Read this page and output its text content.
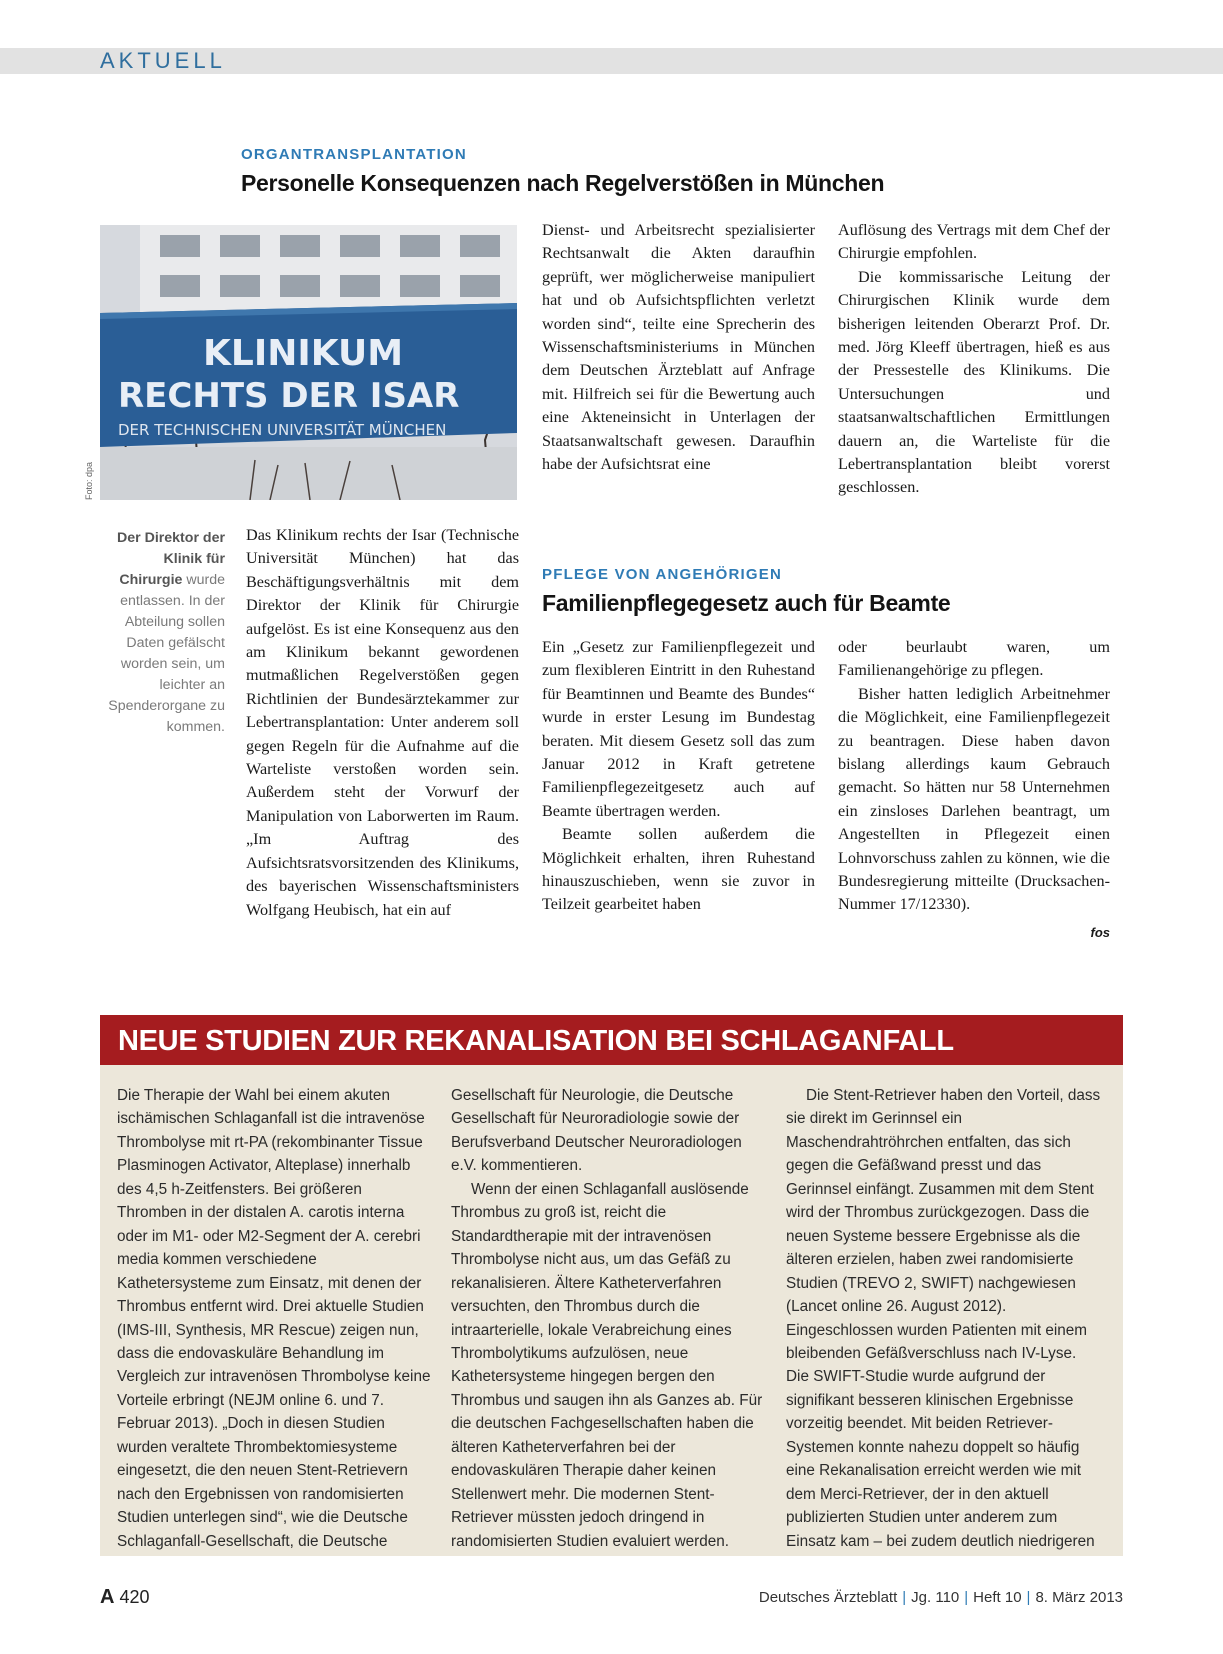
AKTUELL
ORGANTRANSPLANTATION
Personelle Konsequenzen nach Regelverstößen in München
KLINIKUM
RECHTS DER ISAR
DER TECHNISCHEN UNIVERSITÄT MÜNCHEN
Foto: dpa
Der Direktor der Klinik für Chirurgie wurde entlassen. In der Abteilung sollen Daten gefälscht worden sein, um leichter an Spenderorgane zu kommen.

Das Klinikum rechts der Isar (Technische Universität München) hat das Beschäftigungsverhältnis mit dem Direktor der Klinik für Chirurgie aufgelöst. Es ist eine Konsequenz aus den am Klinikum bekannt gewordenen mutmaßlichen Regelverstößen gegen Richtlinien der Bundesärztekammer zur Lebertransplantation: Unter anderem soll gegen Regeln für die Aufnahme auf die Warteliste verstoßen worden sein. Außerdem steht der Vorwurf der Manipulation von Laborwerten im Raum. „Im Auftrag des Aufsichtsratsvorsitzenden des Klinikums, des bayerischen Wissenschaftsministers Wolfgang Heubisch, hat ein auf

Dienst- und Arbeitsrecht spezialisierter Rechtsanwalt die Akten daraufhin geprüft, wer möglicherweise manipuliert hat und ob Aufsichtspflichten verletzt worden sind“, teilte eine Sprecherin des Wissenschaftsministeriums in München dem Deutschen Ärzteblatt auf Anfrage mit. Hilfreich sei für die Bewertung auch eine Akteneinsicht in Unterlagen der Staatsanwaltschaft gewesen. Daraufhin habe der Aufsichtsrat eine

Auflösung des Vertrags mit dem Chef der Chirurgie empfohlen.

Die kommissarische Leitung der Chirurgischen Klinik wurde dem bisherigen leitenden Oberarzt Prof. Dr. med. Jörg Kleeff übertragen, hieß es aus der Pressestelle des Klinikums. Die Untersuchungen und staatsanwaltschaftlichen Ermittlungen dauern an, die Warteliste für die Lebertransplantation bleibt vorerst geschlossen.

PFLEGE VON ANGEHÖRIGEN
Familienpflegegesetz auch für Beamte

Ein „Gesetz zur Familienpflegezeit und zum flexibleren Eintritt in den Ruhestand für Beamtinnen und Beamte des Bundes“ wurde in erster Lesung im Bundestag beraten. Mit diesem Gesetz soll das zum Januar 2012 in Kraft getretene Familienpflegezeitgesetz auch auf Beamte übertragen werden.

Beamte sollen außerdem die Möglichkeit erhalten, ihren Ruhestand hinauszuschieben, wenn sie zuvor in Teilzeit gearbeitet haben

oder beurlaubt waren, um Familienangehörige zu pflegen.

Bisher hatten lediglich Arbeitnehmer die Möglichkeit, eine Familienpflegezeit zu beantragen. Diese haben davon bislang allerdings kaum Gebrauch gemacht. So hätten nur 58 Unternehmen ein zinsloses Darlehen beantragt, um Angestellten in Pflegezeit einen Lohnvorschuss zahlen zu können, wie die Bundesregierung mitteilte (Drucksachen-Nummer 17/12330).

fos
NEUE STUDIEN ZUR REKANALISATION BEI SCHLAGANFALL

Die Therapie der Wahl bei einem akuten ischämischen Schlaganfall ist die intravenöse Thrombolyse mit rt-PA (rekombinanter Tissue Plasminogen Activator, Alteplase) innerhalb des 4,5 h-Zeitfensters. Bei größeren Thromben in der distalen A. carotis interna oder im M1- oder M2-Segment der A. cerebri media kommen verschiedene Kathetersysteme zum Einsatz, mit denen der Thrombus entfernt wird. Drei aktuelle Studien (IMS-III, Synthesis, MR Rescue) zeigen nun, dass die endovaskuläre Behandlung im Vergleich zur intravenösen Thrombolyse keine Vorteile erbringt (NEJM online 6. und 7. Februar 2013). „Doch in diesen Studien wurden veraltete Thrombektomiesysteme eingesetzt, die den neuen Stent-Retrievern nach den Ergebnissen von randomisierten Studien unterlegen sind“, wie die Deutsche Schlaganfall-Gesellschaft, die Deutsche

Gesellschaft für Neurologie, die Deutsche Gesellschaft für Neuroradiologie sowie der Berufsverband Deutscher Neuroradiologen e.V. kommentieren.

Wenn der einen Schlaganfall auslösende Thrombus zu groß ist, reicht die Standardtherapie mit der intravenösen Thrombolyse nicht aus, um das Gefäß zu rekanalisieren. Ältere Katheterverfahren versuchten, den Thrombus durch die intraarterielle, lokale Verabreichung eines Thrombolytikums aufzulösen, neue Kathetersysteme hingegen bergen den Thrombus und saugen ihn als Ganzes ab. Für die deutschen Fachgesellschaften haben die älteren Katheterverfahren bei der endovaskulären Therapie daher keinen Stellenwert mehr. Die modernen Stent-Retriever müssten jedoch dringend in randomisierten Studien evaluiert werden.

Die Stent-Retriever haben den Vorteil, dass sie direkt im Gerinnsel ein Maschendrahtröhrchen entfalten, das sich gegen die Gefäßwand presst und das Gerinnsel einfängt. Zusammen mit dem Stent wird der Thrombus zurückgezogen. Dass die neuen Systeme bessere Ergebnisse als die älteren erzielen, haben zwei randomisierte Studien (TREVO 2, SWIFT) nachgewiesen (Lancet online 26. August 2012). Eingeschlossen wurden Patienten mit einem bleibenden Gefäßverschluss nach IV-Lyse. Die SWIFT-Studie wurde aufgrund der signifikant besseren klinischen Ergebnisse vorzeitig beendet. Mit beiden Retriever-Systemen konnte nahezu doppelt so häufig eine Rekanalisation erreicht werden wie mit dem Merci-Retriever, der in den aktuell publizierten Studien unter anderem zum Einsatz kam – bei zudem deutlich niedrigeren

A 420	Deutsches Ärzteblatt | Jg. 110 | Heft 10 | 8. März 2013
